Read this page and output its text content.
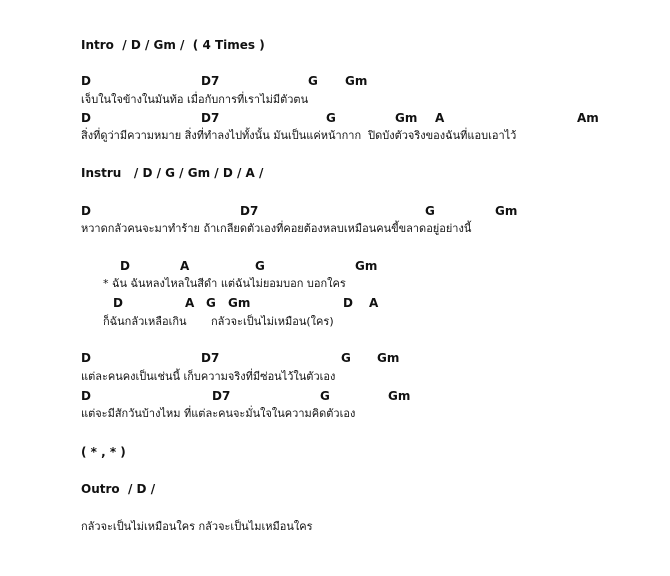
Intro  / D / Gm /  ( 4 Times )
D	D7	G Gm
เจ็บในใจข้างในมันท้อ เมื่อกับการที่เราไม่มีตัวตน
D	D7	G	Gm A	Am
สิ่งที่ดูว่ามีความหมาย สิ่งที่ทำลงไปทั้งนั้น มันเป็นแค่หน้ากาก  ปิดบังตัวจริงของฉันที่แอบเอาไว้
Instru   / D / G / Gm / D / A /
D	D7	G	Gm
หวาดกลัวคนจะมาทำร้าย ถ้าเกลียดตัวเองที่คอยต้องหลบเหมือนคนขี้ขลาดอยู่อย่างนี้
D	A	G	Gm
* ฉัน ฉันหลงไหลในสีดำ แต่ฉันไม่ยอมบอก บอกใคร
D	A G Gm	D A
ก็ฉันกลัวเหลือเกิน       กลัวจะเป็นไม่เหมือน(ใคร)
D	D7	G Gm
แต่ละคนคงเป็นเช่นนี้ เก็บความจริงที่มีซ่อนไว้ในตัวเอง
D	D7	G	Gm
แต่จะมีสักวันบ้างไหม ที่แต่ละคนจะมั่นใจในความคิดตัวเอง
( * , * )
Outro  / D /
กลัวจะเป็นไม่เหมือนใคร กลัวจะเป็นไมเหมือนใคร
